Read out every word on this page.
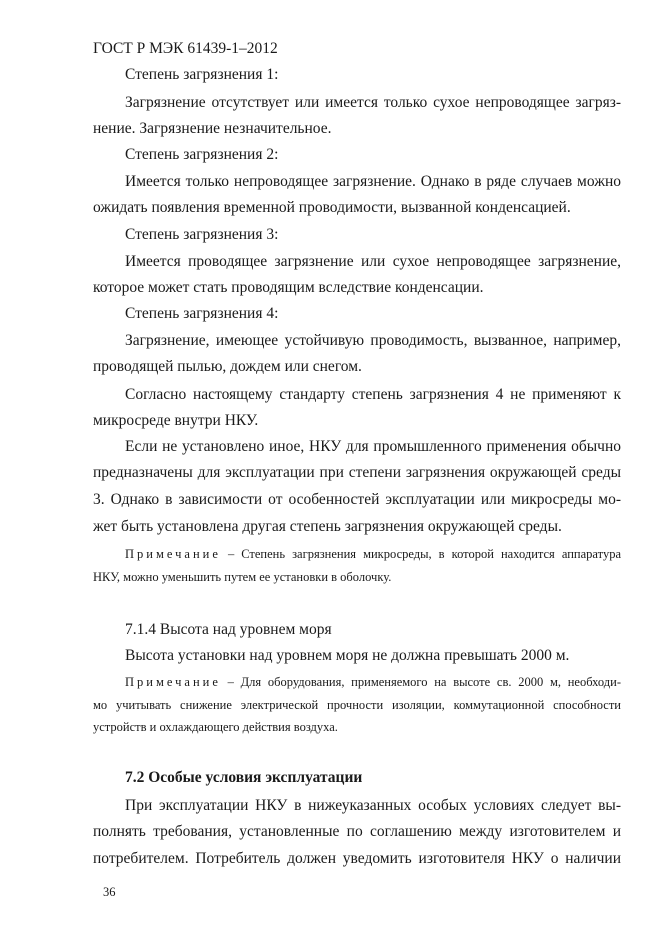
ГОСТ Р МЭК 61439-1–2012
Степень загрязнения 1:
Загрязнение отсутствует или имеется только сухое непроводящее загряз-
нение. Загрязнение незначительное.
Степень загрязнения 2:
Имеется только непроводящее загрязнение. Однако в ряде случаев можно
ожидать появления временной проводимости, вызванной конденсацией.
Степень загрязнения 3:
Имеется проводящее загрязнение или сухое непроводящее загрязнение,
которое может стать проводящим вследствие конденсации.
Степень загрязнения 4:
Загрязнение, имеющее устойчивую проводимость, вызванное, например,
проводящей пылью, дождем или снегом.
Согласно настоящему стандарту степень загрязнения 4 не применяют к
микросреде внутри НКУ.
Если не установлено иное, НКУ для промышленного применения обычно
предназначены для эксплуатации при степени загрязнения окружающей среды
3. Однако в зависимости от особенностей эксплуатации или микросреды мо-
жет быть установлена другая степень загрязнения окружающей среды.
Примечание – Степень загрязнения микросреды, в которой находится аппаратура
НКУ, можно уменьшить путем ее установки в оболочку.
7.1.4 Высота над уровнем моря
Высота установки над уровнем моря не должна превышать 2000 м.
Примечание – Для оборудования, применяемого на высоте св. 2000 м, необходи-
мо учитывать снижение электрической прочности изоляции, коммутационной способности
устройств и охлаждающего действия воздуха.
7.2 Особые условия эксплуатации
При эксплуатации НКУ в нижеуказанных особых условиях следует вы-
полнять требования, установленные по соглашению между изготовителем и
потребителем. Потребитель должен уведомить изготовителя НКУ о наличии
36
